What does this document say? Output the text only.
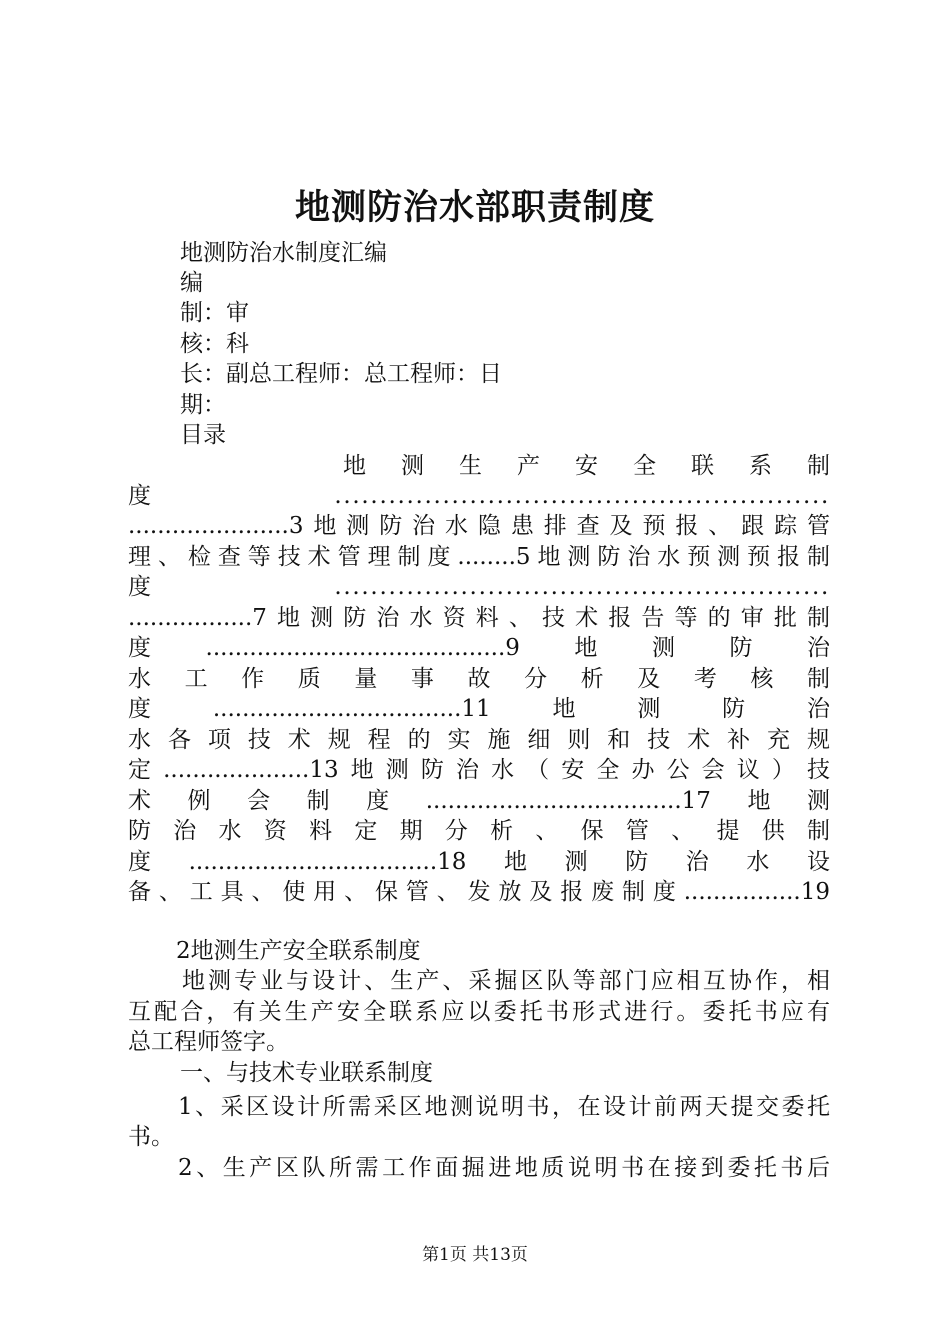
地测防治水部职责制度
地测防治水制度汇编
编
制：审
核：科
长：副总工程师：总工程师：日
期：
目录
地测生产安全联系制
度.......................................................
......................3地测防治水隐患排查及预报、跟踪管
理、检查等技术管理制度........5地测防治水预测预报制
度.......................................................
.................7地测防治水资料、技术报告等的审批制
度.........................................9地测防治
水工作质量事故分析及考核制
度..................................11地测防治
水各项技术规程的实施细则和技术补充规
定....................13地测防治水（安全办公会议）技
术例会制度...................................17地测
防治水资料定期分析、保管、提供制
度..................................18地测防治水设
备、工具、使用、保管、发放及报废制度................19
2地测生产安全联系制度
地测专业与设计、生产、采掘区队等部门应相互协作，相
互配合，有关生产安全联系应以委托书形式进行。委托书应有
总工程师签字。
一、与技术专业联系制度
1、采区设计所需采区地测说明书，在设计前两天提交委托
书。
2、生产区队所需工作面掘进地质说明书在接到委托书后
第1页 共13页
